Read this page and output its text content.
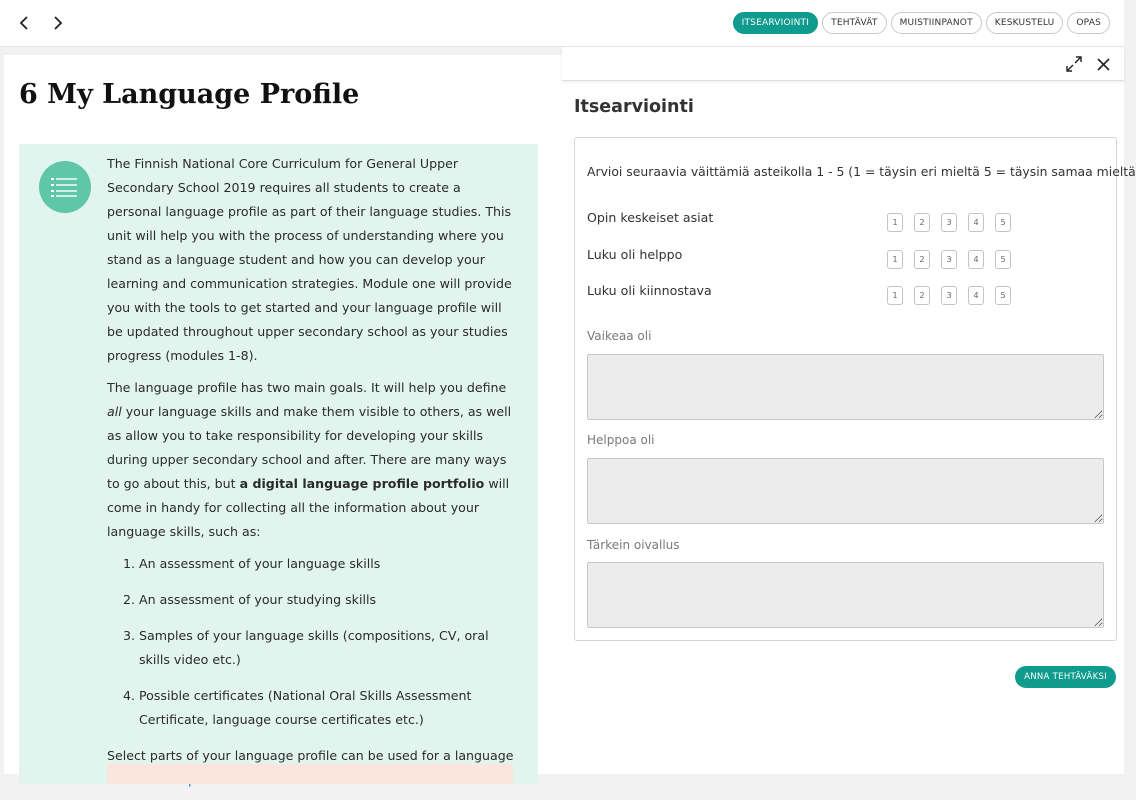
ITSEARVIOINTI	TEHTÄVÄT	MUISTIINPANOT	KESKUSTELU	OPAS
6 My Language Profile

The Finnish National Core Curriculum for General Upper Secondary School 2019 requires all students to create a personal language profile as part of their language studies. This unit will help you with the process of understanding where you stand as a language student and how you can develop your learning and communication strategies. Module one will provide you with the tools to get started and your language profile will be updated throughout upper secondary school as your studies progress (modules 1-8).

The language profile has two main goals. It will help you define all your language skills and make them visible to others, as well as allow you to take responsibility for developing your skills during upper secondary school and after. There are many ways to go about this, but a digital language profile portfolio will come in handy for collecting all the information about your language skills, such as:

1. An assessment of your language skills
2. An assessment of your studying skills
3. Samples of your language skills (compositions, CV, oral skills video etc.)
4. Possible certificates (National Oral Skills Assessment Certificate, language course certificates etc.)

Select parts of your language profile can be used for a language

Itsearviointi
Arvioi seuraavia väittämiä asteikolla 1 - 5 (1 = täysin eri mieltä 5 = täysin samaa mieltä
Opin keskeiset asiat	1	2	3	4	5
Luku oli helppo	1	2	3	4	5
Luku oli kiinnostava	1	2	3	4	5
Vaikeaa oli
Helppoa oli
Tärkein oivallus
ANNA TEHTÄVÄKSI
